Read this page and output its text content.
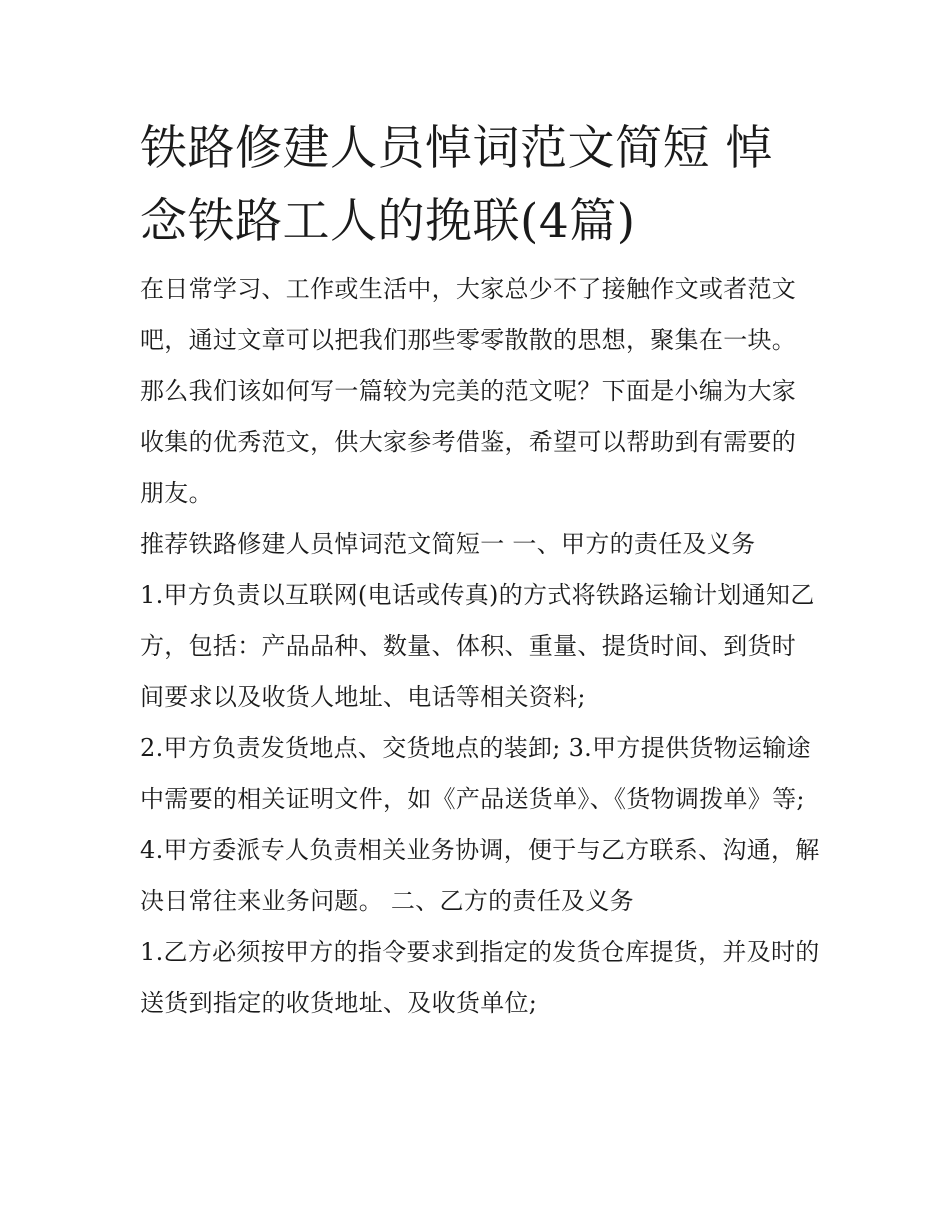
铁路修建人员悼词范文简短 悼念铁路工人的挽联(4篇)

在日常学习、工作或生活中，大家总少不了接触作文或者范文吧，通过文章可以把我们那些零零散散的思想，聚集在一块。那么我们该如何写一篇较为完美的范文呢？下面是小编为大家收集的优秀范文，供大家参考借鉴，希望可以帮助到有需要的朋友。

推荐铁路修建人员悼词范文简短一 一、甲方的责任及义务

1.甲方负责以互联网(电话或传真)的方式将铁路运输计划通知乙方，包括：产品品种、数量、体积、重量、提货时间、到货时间要求以及收货人地址、电话等相关资料;

2.甲方负责发货地点、交货地点的装卸; 3.甲方提供货物运输途中需要的相关证明文件，如《产品送货单》、《货物调拨单》等;

4.甲方委派专人负责相关业务协调，便于与乙方联系、沟通，解决日常往来业务问题。 二、乙方的责任及义务

1.乙方必须按甲方的指令要求到指定的发货仓库提货，并及时的送货到指定的收货地址、及收货单位;
